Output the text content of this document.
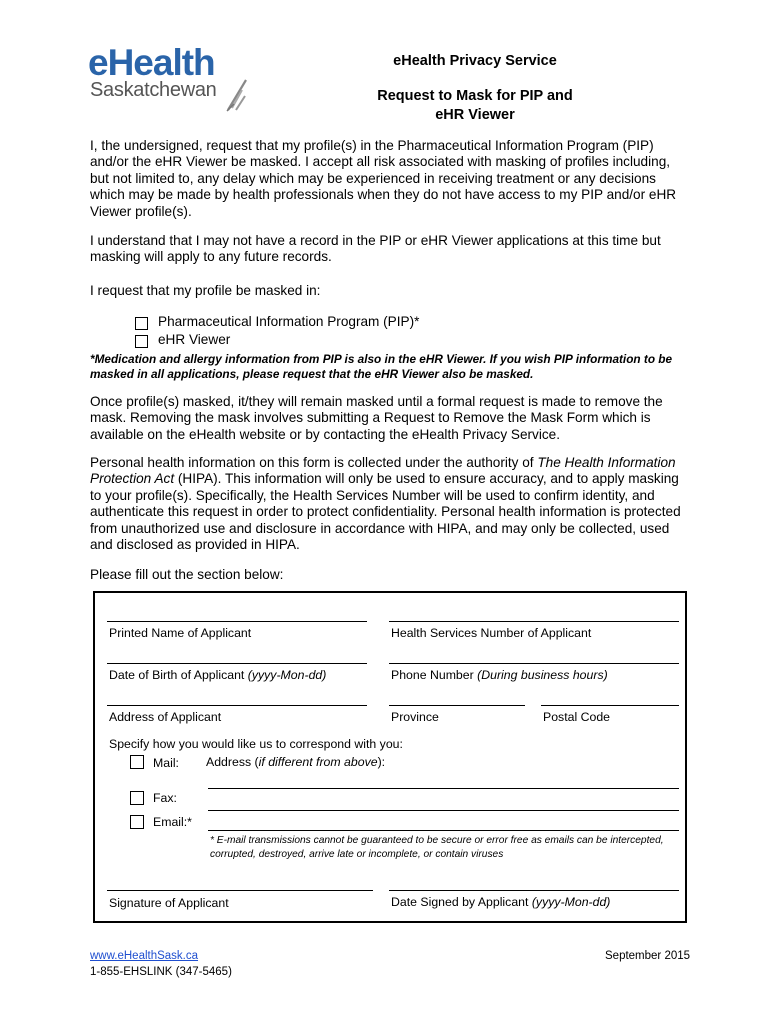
eHealth
Saskatchewan
eHealth Privacy Service
Request to Mask for PIP and
eHR Viewer
I, the undersigned, request that my profile(s) in the Pharmaceutical Information Program (PIP) and/or the eHR Viewer be masked. I accept all risk associated with masking of profiles including, but not limited to, any delay which may be experienced in receiving treatment or any decisions which may be made by health professionals when they do not have access to my PIP and/or eHR Viewer profile(s).
I understand that I may not have a record in the PIP or eHR Viewer applications at this time but masking will apply to any future records.
I request that my profile be masked in:
Pharmaceutical Information Program (PIP)*
eHR Viewer
*Medication and allergy information from PIP is also in the eHR Viewer. If you wish PIP information to be masked in all applications, please request that the eHR Viewer also be masked.
Once profile(s) masked, it/they will remain masked until a formal request is made to remove the mask. Removing the mask involves submitting a Request to Remove the Mask Form which is available on the eHealth website or by contacting the eHealth Privacy Service.
Personal health information on this form is collected under the authority of The Health Information Protection Act (HIPA). This information will only be used to ensure accuracy, and to apply masking to your profile(s). Specifically, the Health Services Number will be used to confirm identity, and authenticate this request in order to protect confidentiality. Personal health information is protected from unauthorized use and disclosure in accordance with HIPA, and may only be collected, used and disclosed as provided in HIPA.
Please fill out the section below:
Printed Name of Applicant	Health Services Number of Applicant
Date of Birth of Applicant (yyyy-Mon-dd)	Phone Number (During business hours)
Address of Applicant	Province	Postal Code
Specify how you would like us to correspond with you:
Mail: Address (if different from above):
Fax:
Email:*
* E-mail transmissions cannot be guaranteed to be secure or error free as emails can be intercepted, corrupted, destroyed, arrive late or incomplete, or contain viruses
Signature of Applicant	Date Signed by Applicant (yyyy-Mon-dd)
www.eHealthSask.ca
1-855-EHSLINK (347-5465)
September 2015
